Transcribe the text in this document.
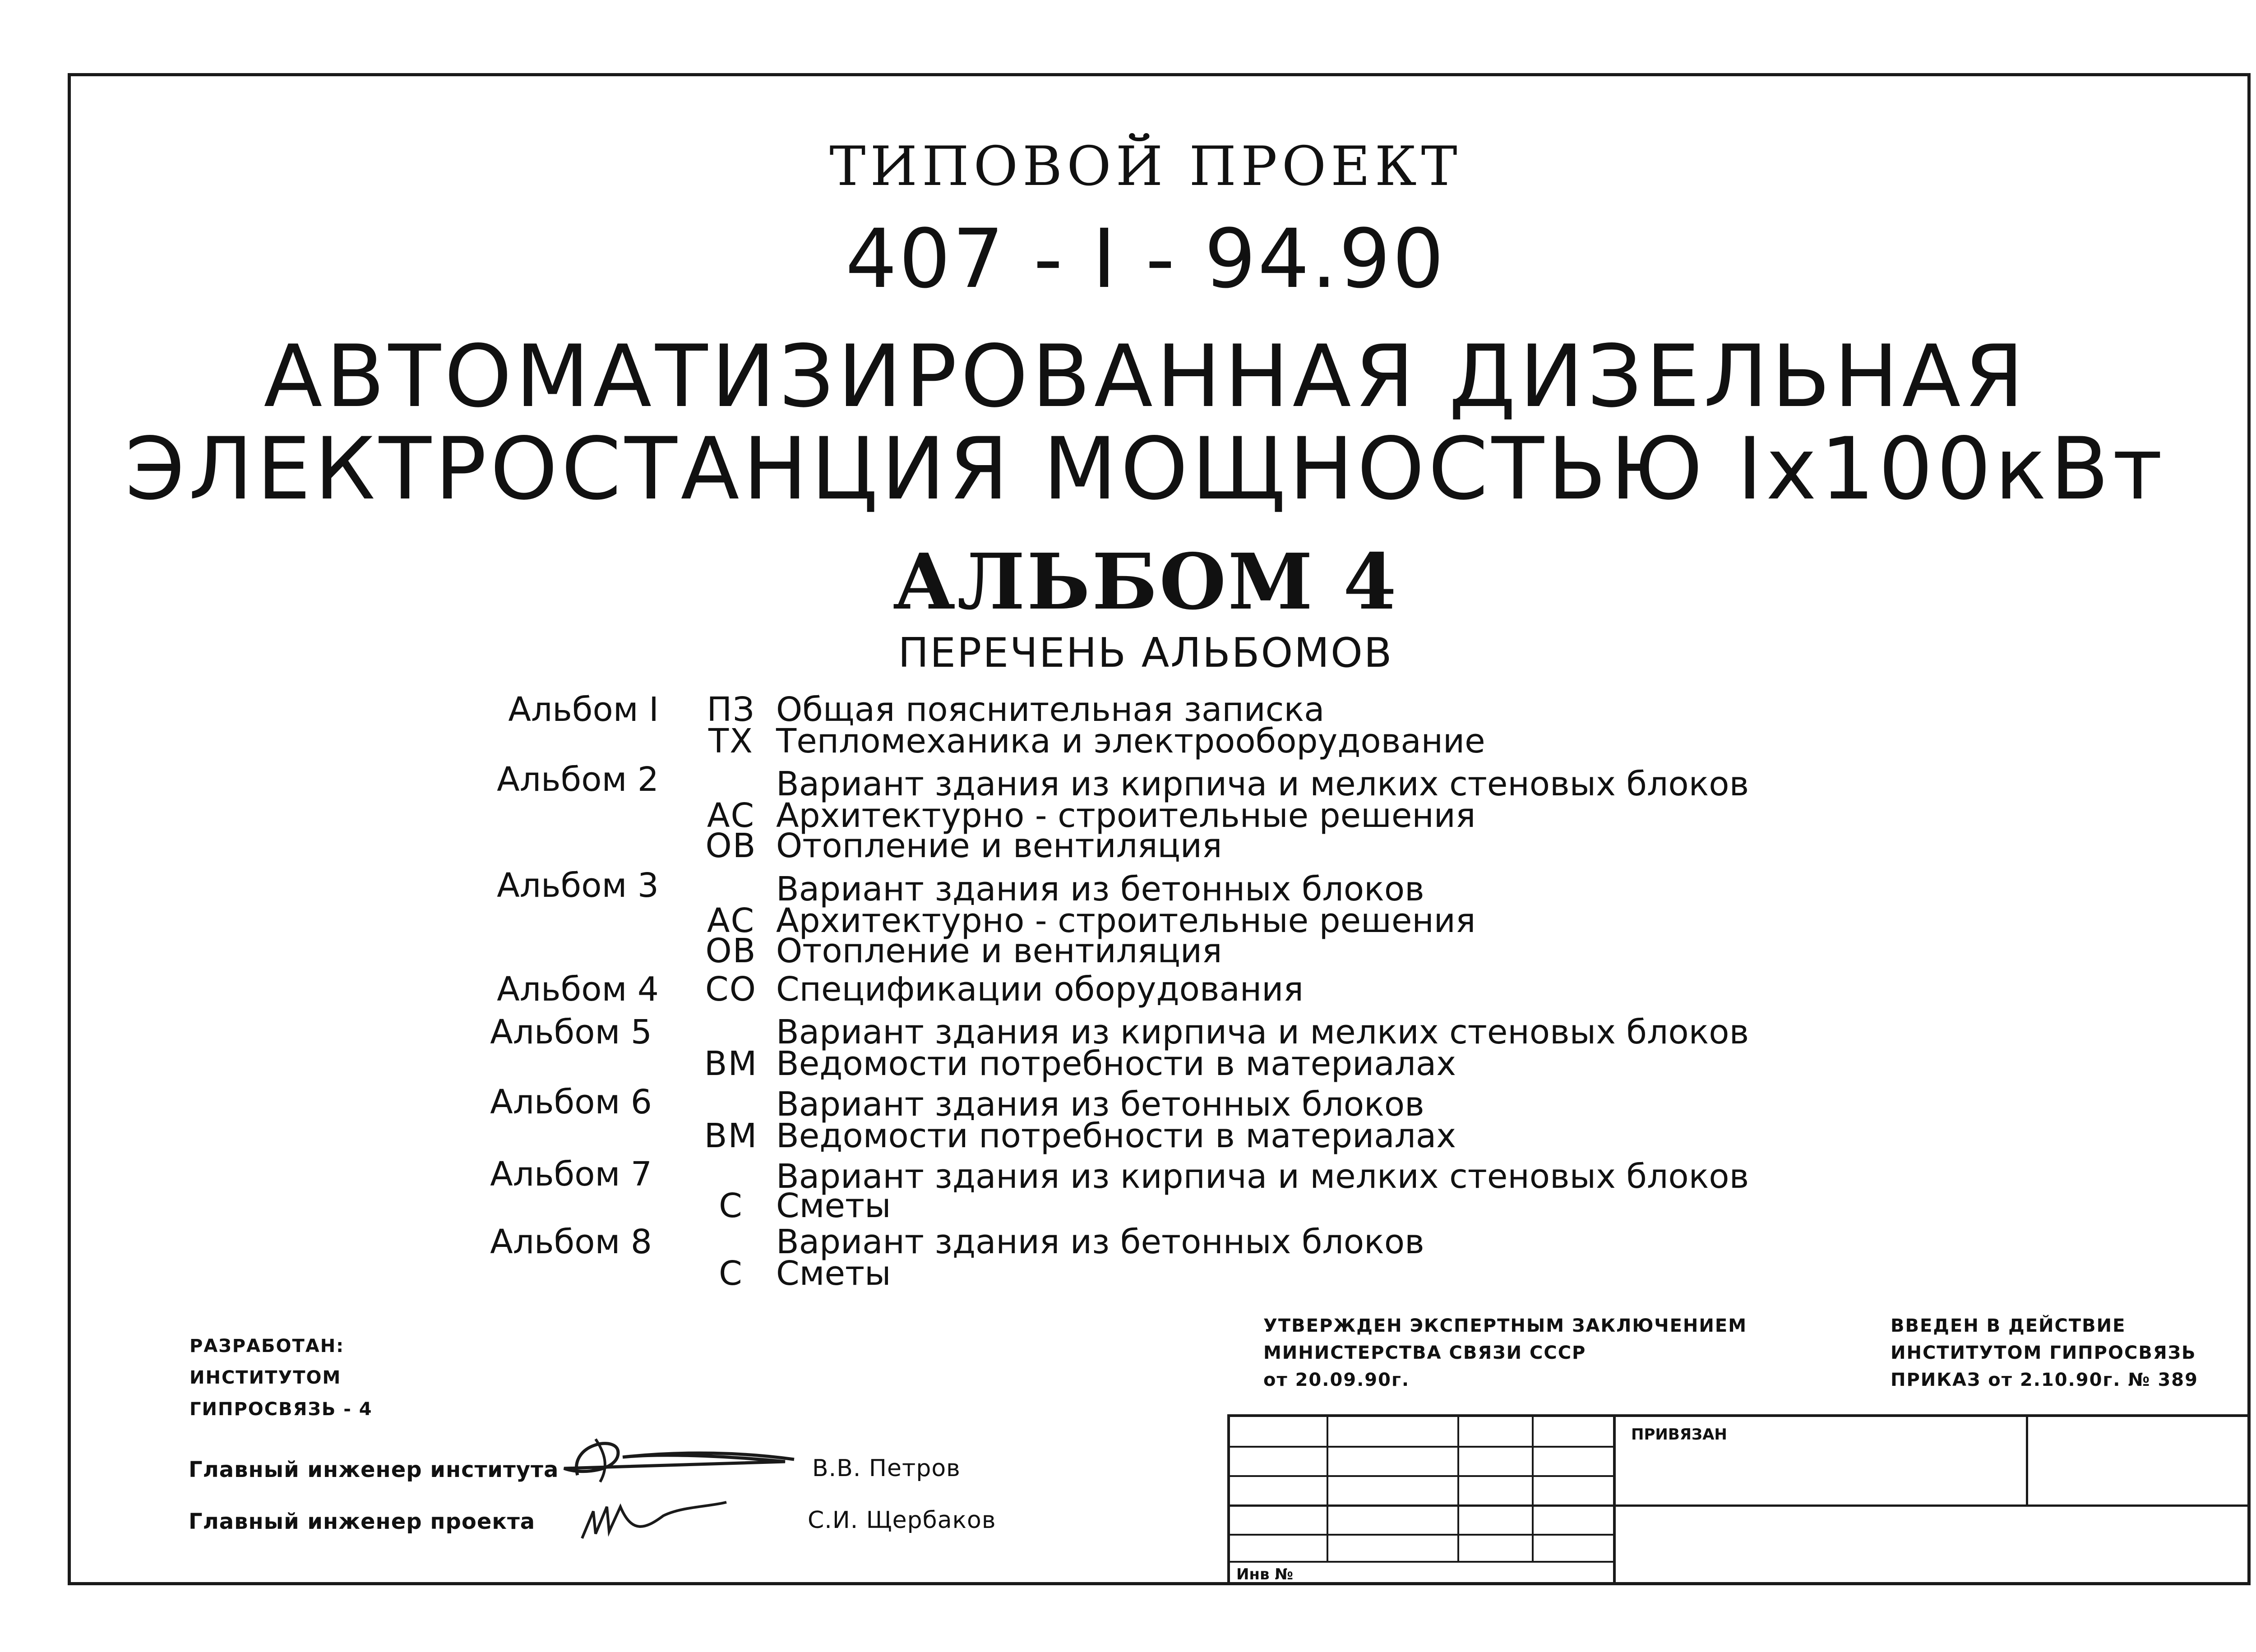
ТИПОВОЙ ПРОЕКТ
407 - I - 94.90
АВТОМАТИЗИРОВАННАЯ ДИЗЕЛЬНАЯ
ЭЛЕКТРОСТАНЦИЯ МОЩНОСТЬЮ Iх100кВт
АЛЬБОМ 4
ПЕРЕЧЕНЬ АЛЬБОМОВ
Альбом I ПЗ Общая пояснительная записка
ТХ Тепломеханика и электрооборудование
Альбом 2	Вариант здания из кирпича и мелких стеновых блоков
АС Архитектурно - строительные решения
ОВ Отопление и вентиляция
Альбом 3	Вариант здания из бетонных блоков
АС Архитектурно - строительные решения
ОВ Отопление и вентиляция
Альбом 4 СО Спецификации оборудования
Альбом 5	Вариант здания из кирпича и мелких стеновых блоков
ВМ Ведомости потребности в материалах
Альбом 6	Вариант здания из бетонных блоков
ВМ Ведомости потребности в материалах
Альбом 7	Вариант здания из кирпича и мелких стеновых блоков
С Сметы
Альбом 8	Вариант здания из бетонных блоков
С Сметы
РАЗРАБОТАН:
ИНСТИТУТОМ
ГИПРОСВЯЗЬ - 4
Главный инженер института	В.В. Петров
Главный инженер проекта	С.И. Щербаков
УТВЕРЖДЕН ЭКСПЕРТНЫМ ЗАКЛЮЧЕНИЕМ
МИНИСТЕРСТВА СВЯЗИ СССР
от 20.09.90г.
ВВЕДЕН В ДЕЙСТВИЕ
ИНСТИТУТОМ ГИПРОСВЯЗЬ
ПРИКАЗ от 2.10.90г. № 389
ПРИВЯЗАН
Инв №
